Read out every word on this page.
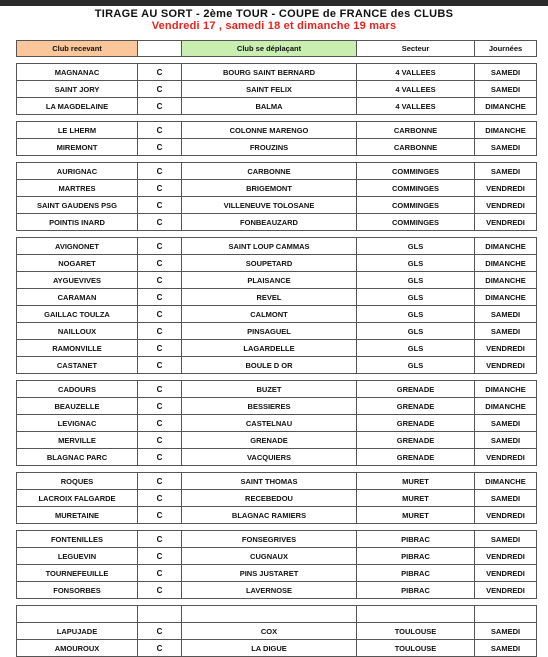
TIRAGE AU SORT - 2ème TOUR - COUPE de FRANCE des CLUBS
Vendredi 17 , samedi 18 et dimanche 19 mars
Club recevant		Club se déplaçant	Secteur	Journées

MAGNANAC	C	BOURG SAINT BERNARD	4 VALLEES	SAMEDI
SAINT JORY	C	SAINT FELIX	4 VALLEES	SAMEDI
LA MAGDELAINE	C	BALMA	4 VALLEES	DIMANCHE

LE LHERM	C	COLONNE MARENGO	CARBONNE	DIMANCHE
MIREMONT	C	FROUZINS	CARBONNE	SAMEDI

AURIGNAC	C	CARBONNE	COMMINGES	SAMEDI
MARTRES	C	BRIGEMONT	COMMINGES	VENDREDI
SAINT GAUDENS PSG	C	VILLENEUVE TOLOSANE	COMMINGES	VENDREDI
POINTIS INARD	C	FONBEAUZARD	COMMINGES	VENDREDI

AVIGNONET	C	SAINT LOUP CAMMAS	GLS	DIMANCHE
NOGARET	C	SOUPETARD	GLS	DIMANCHE
AYGUEVIVES	C	PLAISANCE	GLS	DIMANCHE
CARAMAN	C	REVEL	GLS	DIMANCHE
GAILLAC TOULZA	C	CALMONT	GLS	SAMEDI
NAILLOUX	C	PINSAGUEL	GLS	SAMEDI
RAMONVILLE	C	LAGARDELLE	GLS	VENDREDI
CASTANET	C	BOULE D OR	GLS	VENDREDI

CADOURS	C	BUZET	GRENADE	DIMANCHE
BEAUZELLE	C	BESSIERES	GRENADE	DIMANCHE
LEVIGNAC	C	CASTELNAU	GRENADE	SAMEDI
MERVILLE	C	GRENADE	GRENADE	SAMEDI
BLAGNAC PARC	C	VACQUIERS	GRENADE	VENDREDI

ROQUES	C	SAINT THOMAS	MURET	DIMANCHE
LACROIX FALGARDE	C	RECEBEDOU	MURET	SAMEDI
MURETAINE	C	BLAGNAC RAMIERS	MURET	VENDREDI

FONTENILLES	C	FONSEGRIVES	PIBRAC	SAMEDI
LEGUEVIN	C	CUGNAUX	PIBRAC	VENDREDI
TOURNEFEUILLE	C	PINS JUSTARET	PIBRAC	VENDREDI
FONSORBES	C	LAVERNOSE	PIBRAC	VENDREDI

LAPUJADE	C	COX	TOULOUSE	SAMEDI
AMOUROUX	C	LA DIGUE	TOULOUSE	SAMEDI
